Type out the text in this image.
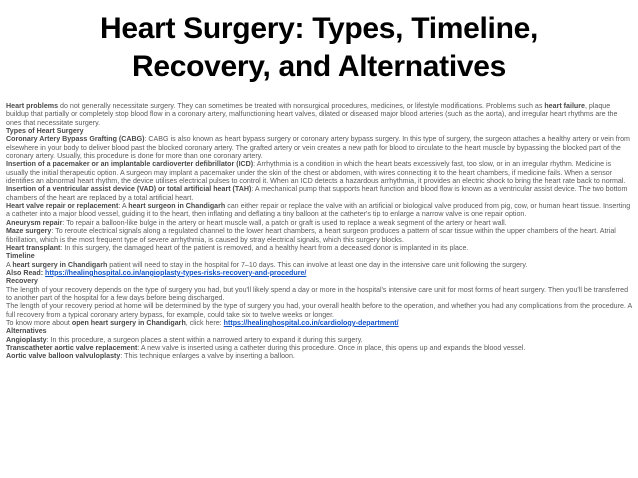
Heart Surgery: Types, Timeline,
Recovery, and Alternatives

Heart problems do not generally necessitate surgery. They can sometimes be treated with nonsurgical procedures, medicines, or lifestyle modifications. Problems such as heart failure, plaque buildup that partially or completely stop blood flow in a coronary artery, malfunctioning heart valves, dilated or diseased major blood arteries (such as the aorta), and irregular heart rhythms are the ones that necessitate surgery.

Types of Heart Surgery

Coronary Artery Bypass Grafting (CABG): CABG is also known as heart bypass surgery or coronary artery bypass surgery. In this type of surgery, the surgeon attaches a healthy artery or vein from elsewhere in your body to deliver blood past the blocked coronary artery. The grafted artery or vein creates a new path for blood to circulate to the heart muscle by bypassing the blocked part of the coronary artery. Usually, this procedure is done for more than one coronary artery.

Insertion of a pacemaker or an implantable cardioverter defibrillator (ICD): Arrhythmia is a condition in which the heart beats excessively fast, too slow, or in an irregular rhythm. Medicine is usually the initial therapeutic option. A surgeon may implant a pacemaker under the skin of the chest or abdomen, with wires connecting it to the heart chambers, if medicine fails. When a sensor identifies an abnormal heart rhythm, the device utilises electrical pulses to control it. When an ICD detects a hazardous arrhythmia, it provides an electric shock to bring the heart rate back to normal.

Insertion of a ventricular assist device (VAD) or total artificial heart (TAH): A mechanical pump that supports heart function and blood flow is known as a ventricular assist device. The two bottom chambers of the heart are replaced by a total artificial heart.

Heart valve repair or replacement: A heart surgeon in Chandigarh can either repair or replace the valve with an artificial or biological valve produced from pig, cow, or human heart tissue. Inserting a catheter into a major blood vessel, guiding it to the heart, then inflating and deflating a tiny balloon at the catheter's tip to enlarge a narrow valve is one repair option.

Aneurysm repair: To repair a balloon-like bulge in the artery or heart muscle wall, a patch or graft is used to replace a weak segment of the artery or heart wall.

Maze surgery: To reroute electrical signals along a regulated channel to the lower heart chambers, a heart surgeon produces a pattern of scar tissue within the upper chambers of the heart. Atrial fibrillation, which is the most frequent type of severe arrhythmia, is caused by stray electrical signals, which this surgery blocks.

Heart transplant: In this surgery, the damaged heart of the patient is removed, and a healthy heart from a deceased donor is implanted in its place.

Timeline

A heart surgery in Chandigarh patient will need to stay in the hospital for 7–10 days. This can involve at least one day in the intensive care unit following the surgery.

Also Read: https://healinghospital.co.in/angioplasty-types-risks-recovery-and-procedure/

Recovery

The length of your recovery depends on the type of surgery you had, but you'll likely spend a day or more in the hospital's intensive care unit for most forms of heart surgery. Then you'll be transferred to another part of the hospital for a few days before being discharged.

The length of your recovery period at home will be determined by the type of surgery you had, your overall health before to the operation, and whether you had any complications from the procedure. A full recovery from a typical coronary artery bypass, for example, could take six to twelve weeks or longer.

To know more about open heart surgery in Chandigarh, click here: https://healinghospital.co.in/cardiology-department/

Alternatives

Angioplasty: In this procedure, a surgeon places a stent within a narrowed artery to expand it during this surgery.

Transcatheter aortic valve replacement: A new valve is inserted using a catheter during this procedure. Once in place, this opens up and expands the blood vessel.

Aortic valve balloon valvuloplasty: This technique enlarges a valve by inserting a balloon.
